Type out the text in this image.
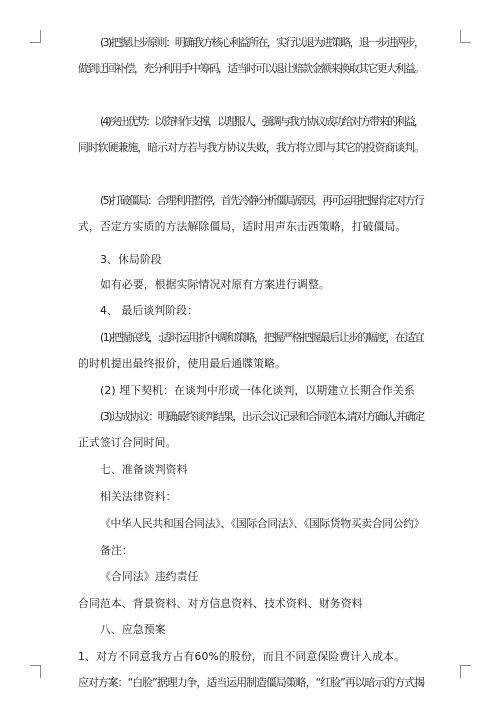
(3)把握让步原则：明确我方核心利益所在，实行以退为进策略，退一步进两步，
做到迂回补偿，充分利用手中筹码，适当时可以退让赔款金额来换取其它更大利益。
(4)突出优势：以资料作支撑，以理服人，强调与我方协议成功给对方带来的利益，
同时软硬兼施，暗示对方若与我方协议失败，我方将立即与其它的投资商谈判。
(5)打破僵局：合理利用暂停，首先冷静分析僵局原因，再可运用把握肯定对方行
式，否定方实质的方法解除僵局，适时用声东击西策略，打破僵局。
3、休局阶段
如有必要，根据实际情况对原有方案进行调整。
4、 最后谈判阶段：
(1)把握底线，:适时运用折中调和策略，把握严格把握最后让步的幅度，在适宜
的时机提出最终报价，使用最后通牒策略。
(2) 埋下契机：在谈判中形成一体化谈判，以期建立长期合作关系
(3)达成协议：明确最终谈判结果，出示会议记录和合同范本,请对方确认,并确定
正式签订合同时间。
七、准备谈判资料
相关法律资料：
《中华人民共和国合同法》、《国际合同法》、《国际货物买卖合同公约》
备注：
《合同法》违约责任
合同范本、背景资料、对方信息资料、技术资料、财务资料
八、应急预案
1、对方不同意我方占有60%的股份，而且不同意保险费计入成本。
应对方案：“白脸”据理力争，适当运用制造僵局策略，“红脸”再以暗示的方式揭
